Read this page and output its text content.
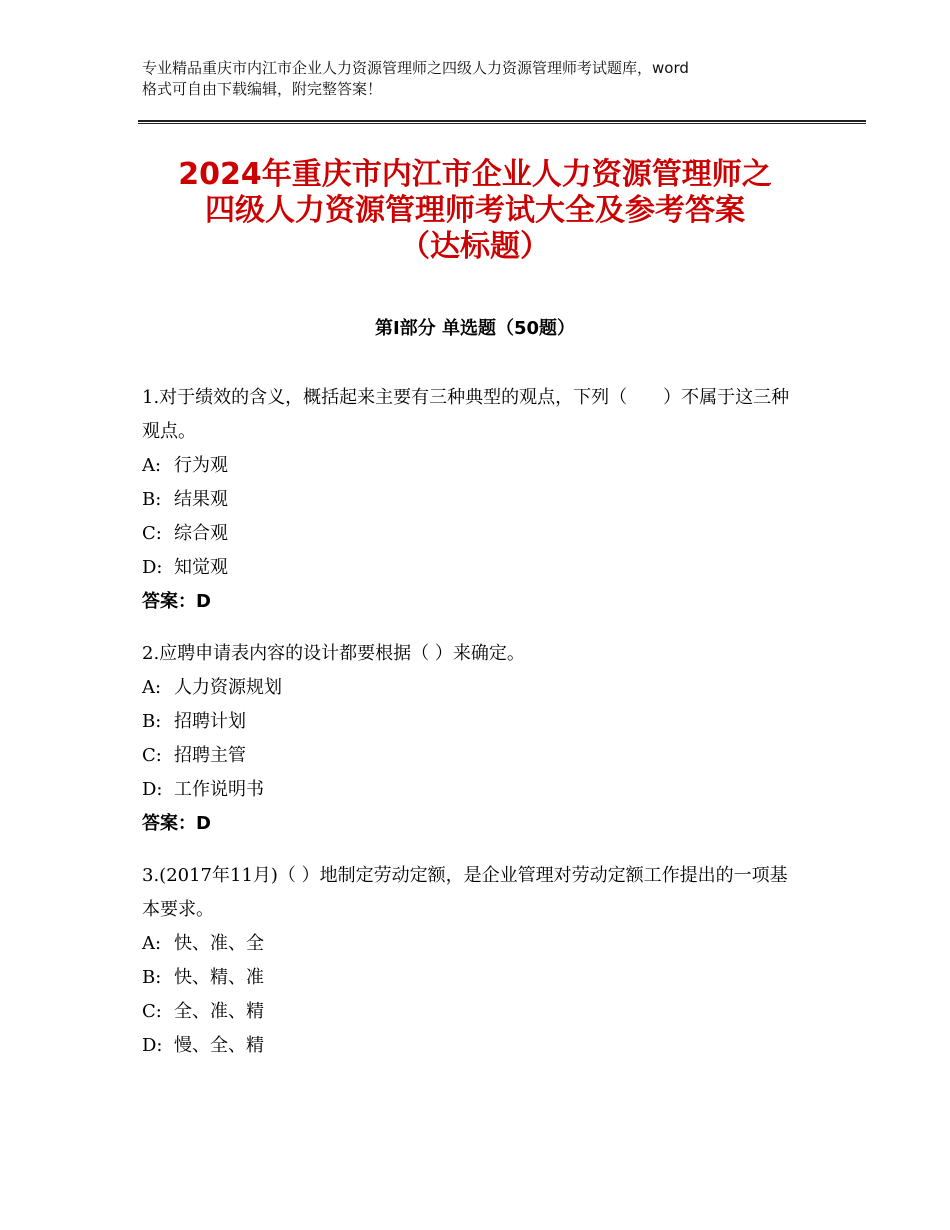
专业精品重庆市内江市企业人力资源管理师之四级人力资源管理师考试题库，word
格式可自由下载编辑，附完整答案！
2024年重庆市内江市企业人力资源管理师之
四级人力资源管理师考试大全及参考答案
（达标题）
第Ⅰ部分 单选题（50题）

1.对于绩效的含义，概括起来主要有三种典型的观点，下列（　　）不属于这三种观点。

A: 行为观

B: 结果观

C: 综合观

D: 知觉观

答案：D

2.应聘申请表内容的设计都要根据（ ）来确定。

A: 人力资源规划

B: 招聘计划

C: 招聘主管

D: 工作说明书

答案：D

3.(2017年11月)（ ）地制定劳动定额，是企业管理对劳动定额工作提出的一项基本要求。

A: 快、准、全

B: 快、精、准

C: 全、准、精

D: 慢、全、精
